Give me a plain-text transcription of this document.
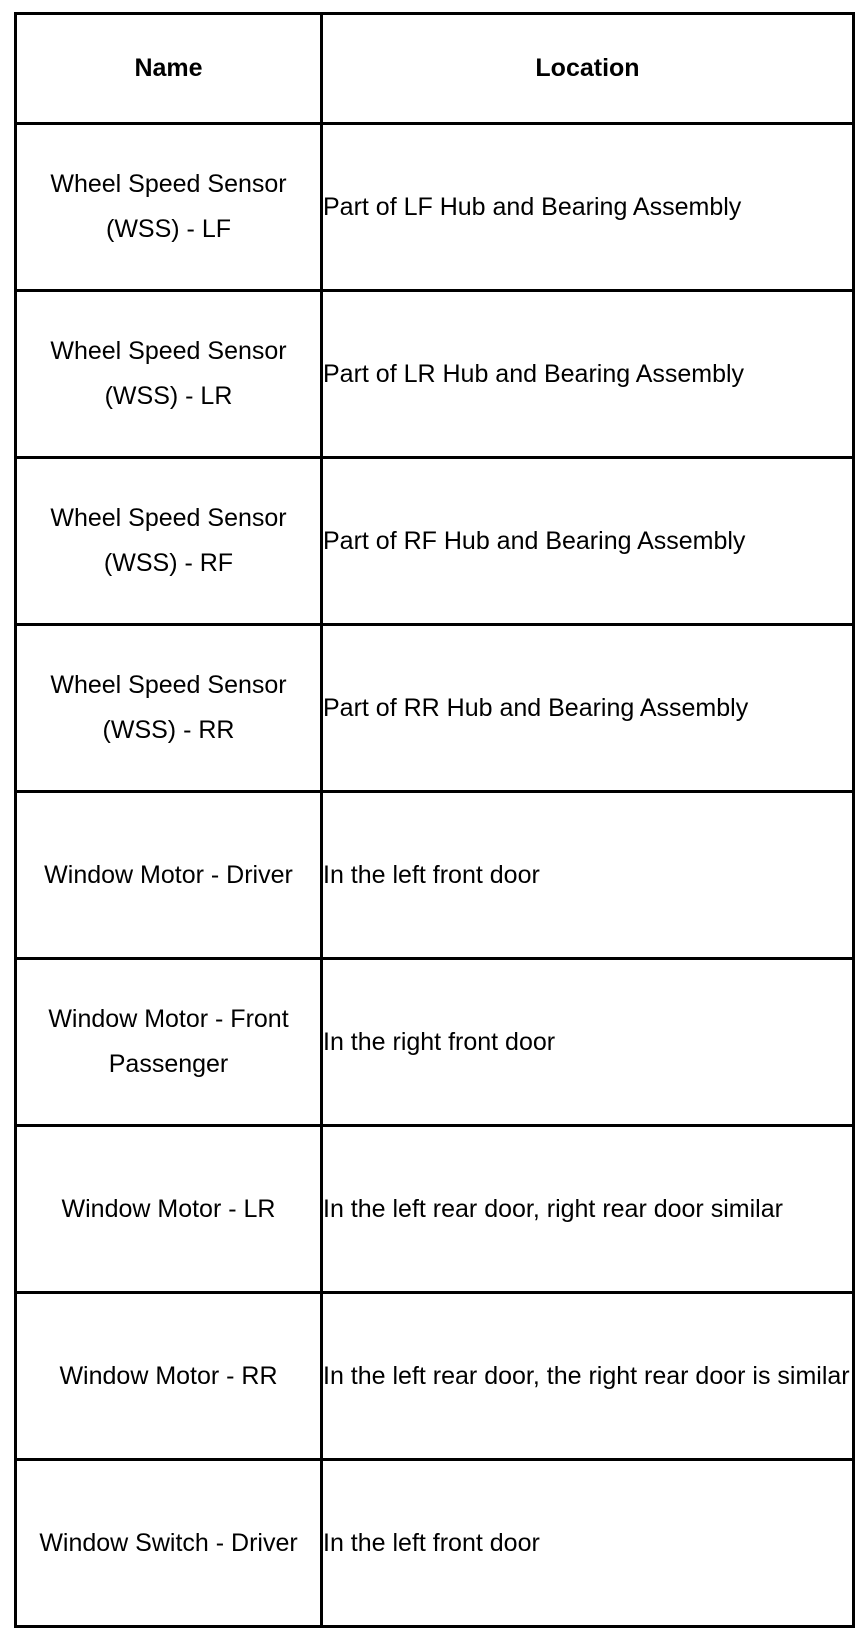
Name	Location
Wheel Speed Sensor (WSS) - LF	Part of LF Hub and Bearing Assembly
Wheel Speed Sensor (WSS) - LR	Part of LR Hub and Bearing Assembly
Wheel Speed Sensor (WSS) - RF	Part of RF Hub and Bearing Assembly
Wheel Speed Sensor (WSS) - RR	Part of RR Hub and Bearing Assembly
Window Motor - Driver	In the left front door
Window Motor - Front Passenger	In the right front door
Window Motor - LR	In the left rear door, right rear door similar
Window Motor - RR	In the left rear door, the right rear door is similar
Window Switch - Driver	In the left front door
